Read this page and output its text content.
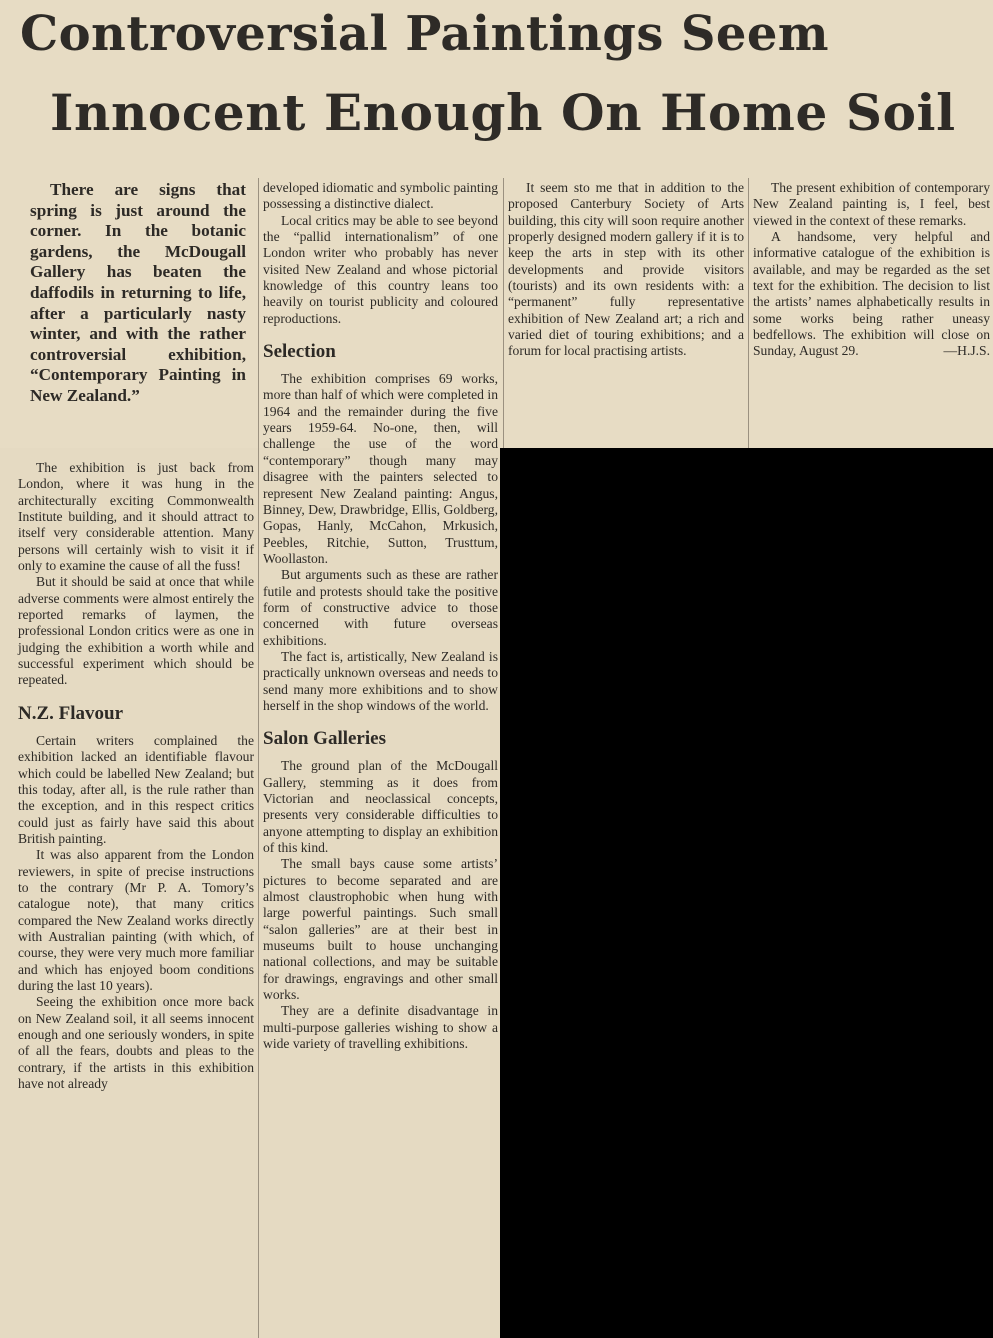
Controversial Paintings Seem
Innocent Enough On Home Soil

There are signs that spring is just around the corner. In the botanic gardens, the McDougall Gallery has beaten the daffodils in returning to life, after a particularly nasty winter, and with the rather controversial exhibition, “Contemporary Painting in New Zealand.”

The exhibition is just back from London, where it was hung in the architecturally exciting Commonwealth Institute building, and it should attract to itself very considerable attention. Many persons will certainly wish to visit it if only to examine the cause of all the fuss!

But it should be said at once that while adverse comments were almost entirely the reported remarks of laymen, the professional London critics were as one in judging the exhibition a worth while and successful experiment which should be repeated.

N.Z. Flavour

Certain writers complained the exhibition lacked an identifiable flavour which could be labelled New Zealand; but this today, after all, is the rule rather than the exception, and in this respect critics could just as fairly have said this about British painting.

It was also apparent from the London reviewers, in spite of precise instructions to the contrary (Mr P. A. Tomory’s catalogue note), that many critics compared the New Zealand works directly with Australian painting (with which, of course, they were very much more familiar and which has enjoyed boom conditions during the last 10 years).

Seeing the exhibition once more back on New Zealand soil, it all seems innocent enough and one seriously wonders, in spite of all the fears, doubts and pleas to the contrary, if the artists in this exhibition have not already

developed idiomatic and symbolic painting possessing a distinctive dialect.

Local critics may be able to see beyond the “pallid internationalism” of one London writer who probably has never visited New Zealand and whose pictorial knowledge of this country leans too heavily on tourist publicity and coloured reproductions.

Selection

The exhibition comprises 69 works, more than half of which were completed in 1964 and the remainder during the five years 1959-64. No-one, then, will challenge the use of the word “contemporary” though many may disagree with the painters selected to represent New Zealand painting: Angus, Binney, Dew, Drawbridge, Ellis, Goldberg, Gopas, Hanly, McCahon, Mrkusich, Peebles, Ritchie, Sutton, Trusttum, Woollaston.

But arguments such as these are rather futile and protests should take the positive form of constructive advice to those concerned with future overseas exhibitions.

The fact is, artistically, New Zealand is practically unknown overseas and needs to send many more exhibitions and to show herself in the shop windows of the world.

Salon Galleries

The ground plan of the McDougall Gallery, stemming as it does from Victorian and neoclassical concepts, presents very considerable difficulties to anyone attempting to display an exhibition of this kind.

The small bays cause some artists’ pictures to become separated and are almost claustrophobic when hung with large powerful paintings. Such small “salon galleries” are at their best in museums built to house unchanging national collections, and may be suitable for drawings, engravings and other small works.

They are a definite disadvantage in multi-purpose galleries wishing to show a wide variety of travelling exhibitions.

It seem sto me that in addition to the proposed Canterbury Society of Arts building, this city will soon require another properly designed modern gallery if it is to keep the arts in step with its other developments and provide visitors (tourists) and its own residents with: a “permanent” fully representative exhibition of New Zealand art; a rich and varied diet of touring exhibitions; and a forum for local practising artists.

The present exhibition of contemporary New Zealand painting is, I feel, best viewed in the context of these remarks.

A handsome, very helpful and informative catalogue of the exhibition is available, and may be regarded as the set text for the exhibition. The decision to list the artists’ names alphabetically results in some works being rather uneasy bedfellows. The exhibition will close on Sunday, August 29.	—H.J.S.
